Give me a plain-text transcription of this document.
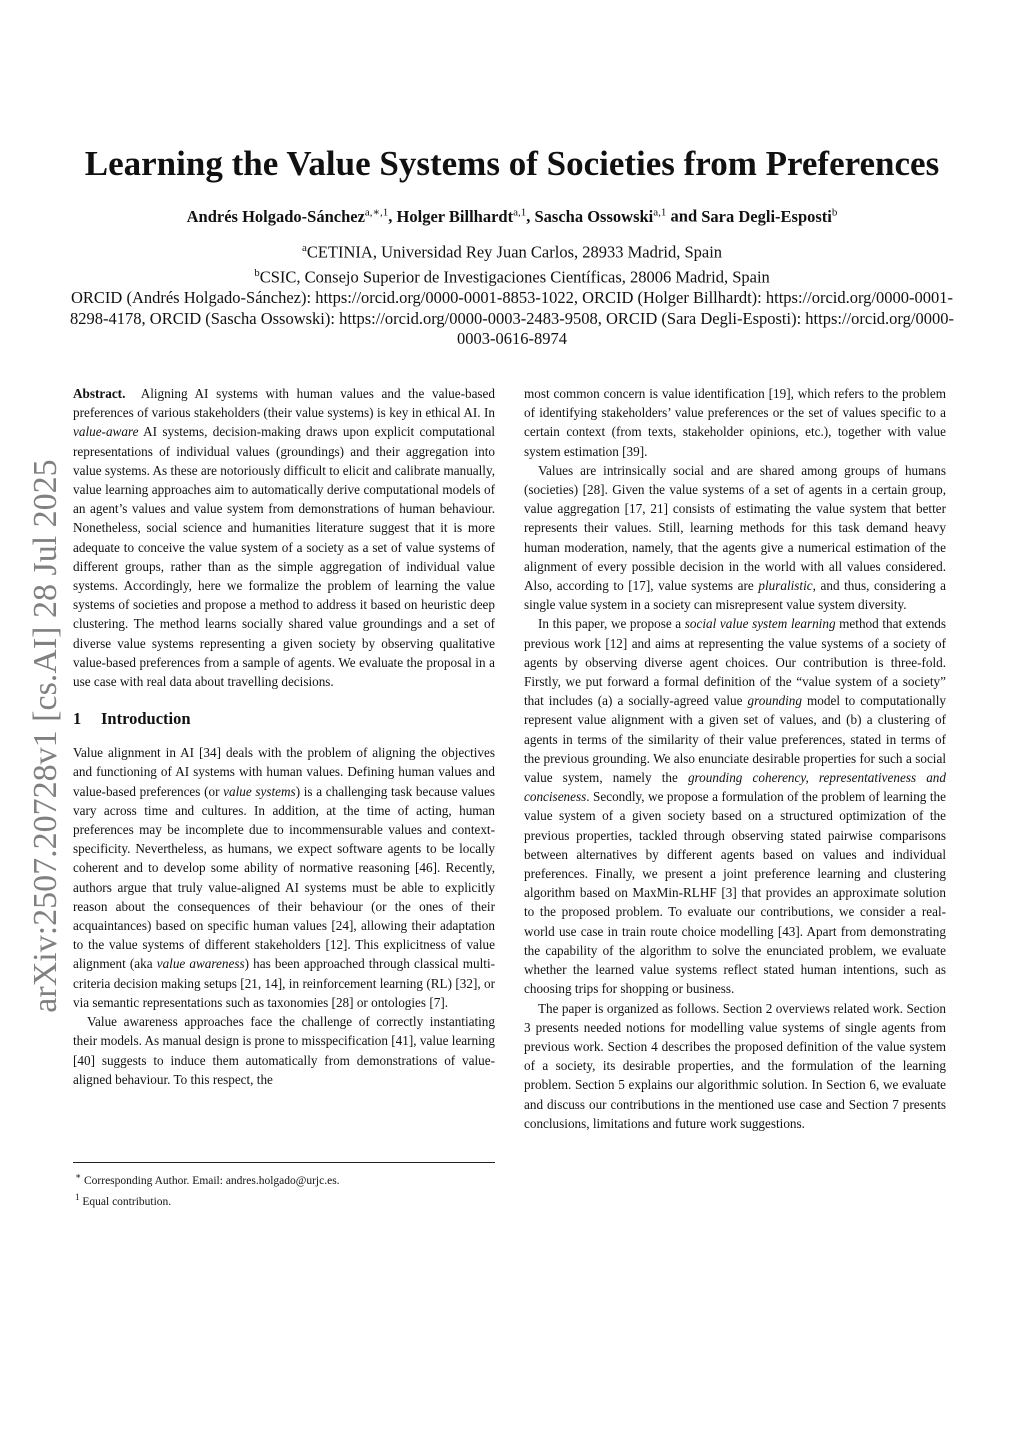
Learning the Value Systems of Societies from Preferences
Andrés Holgado-Sánchez$^{a,∗,1}$, Holger Billhardt$^{a,1}$, Sascha Ossowski$^{a,1}$ and Sara Degli-Esposti$^b$
$^a$CETINIA, Universidad Rey Juan Carlos, 28933 Madrid, Spain
$^b$CSIC, Consejo Superior de Investigaciones Científicas, 28006 Madrid, Spain
ORCID (Andrés Holgado-Sánchez): https://orcid.org/0000-0001-8853-1022, ORCID (Holger Billhardt): https://orcid.org/0000-0001-8298-4178, ORCID (Sascha Ossowski): https://orcid.org/0000-0003-2483-9508, ORCID (Sara Degli-Esposti): https://orcid.org/0000-0003-0616-8974
arXiv:2507.20728v1 [cs.AI] 28 Jul 2025

Abstract. Aligning AI systems with human values and the value-based preferences of various stakeholders (their value systems) is key in ethical AI. In value-aware AI systems, decision-making draws upon explicit computational representations of individual values (groundings) and their aggregation into value systems. As these are notoriously difficult to elicit and calibrate manually, value learning approaches aim to automatically derive computational models of an agent’s values and value system from demonstrations of human behaviour. Nonetheless, social science and humanities literature suggest that it is more adequate to conceive the value system of a society as a set of value systems of different groups, rather than as the simple aggregation of individual value systems. Accordingly, here we formalize the problem of learning the value systems of societies and propose a method to address it based on heuristic deep clustering. The method learns socially shared value groundings and a set of diverse value systems representing a given society by observing qualitative value-based preferences from a sample of agents. We evaluate the proposal in a use case with real data about travelling decisions.

1 Introduction

Value alignment in AI [34] deals with the problem of aligning the objectives and functioning of AI systems with human values. Defining human values and value-based preferences (or value systems) is a challenging task because values vary across time and cultures. In addition, at the time of acting, human preferences may be incomplete due to incommensurable values and context-specificity. Nevertheless, as humans, we expect software agents to be locally coherent and to develop some ability of normative reasoning [46]. Recently, authors argue that truly value-aligned AI systems must be able to explicitly reason about the consequences of their behaviour (or the ones of their acquaintances) based on specific human values [24], allowing their adaptation to the value systems of different stakeholders [12]. This explicitness of value alignment (aka value awareness) has been approached through classical multi-criteria decision making setups [21, 14], in reinforcement learning (RL) [32], or via semantic representations such as taxonomies [28] or ontologies [7].

Value awareness approaches face the challenge of correctly instantiating their models. As manual design is prone to misspecification [41], value learning [40] suggests to induce them automatically from demonstrations of value-aligned behaviour. To this respect, the

most common concern is value identification [19], which refers to the problem of identifying stakeholders’ value preferences or the set of values specific to a certain context (from texts, stakeholder opinions, etc.), together with value system estimation [39].

Values are intrinsically social and are shared among groups of humans (societies) [28]. Given the value systems of a set of agents in a certain group, value aggregation [17, 21] consists of estimating the value system that better represents their values. Still, learning methods for this task demand heavy human moderation, namely, that the agents give a numerical estimation of the alignment of every possible decision in the world with all values considered. Also, according to [17], value systems are pluralistic, and thus, considering a single value system in a society can misrepresent value system diversity.

In this paper, we propose a social value system learning method that extends previous work [12] and aims at representing the value systems of a society of agents by observing diverse agent choices. Our contribution is three-fold. Firstly, we put forward a formal definition of the “value system of a society” that includes (a) a socially-agreed value grounding model to computationally represent value alignment with a given set of values, and (b) a clustering of agents in terms of the similarity of their value preferences, stated in terms of the previous grounding. We also enunciate desirable properties for such a social value system, namely the grounding coherency, representativeness and conciseness. Secondly, we propose a formulation of the problem of learning the value system of a given society based on a structured optimization of the previous properties, tackled through observing stated pairwise comparisons between alternatives by different agents based on values and individual preferences. Finally, we present a joint preference learning and clustering algorithm based on MaxMin-RLHF [3] that provides an approximate solution to the proposed problem. To evaluate our contributions, we consider a real-world use case in train route choice modelling [43]. Apart from demonstrating the capability of the algorithm to solve the enunciated problem, we evaluate whether the learned value systems reflect stated human intentions, such as choosing trips for shopping or business.

The paper is organized as follows. Section 2 overviews related work. Section 3 presents needed notions for modelling value systems of single agents from previous work. Section 4 describes the proposed definition of the value system of a society, its desirable properties, and the formulation of the learning problem. Section 5 explains our algorithmic solution. In Section 6, we evaluate and discuss our contributions in the mentioned use case and Section 7 presents conclusions, limitations and future work suggestions.

∗ Corresponding Author. Email: andres.holgado@urjc.es.

$^1$ Equal contribution.
